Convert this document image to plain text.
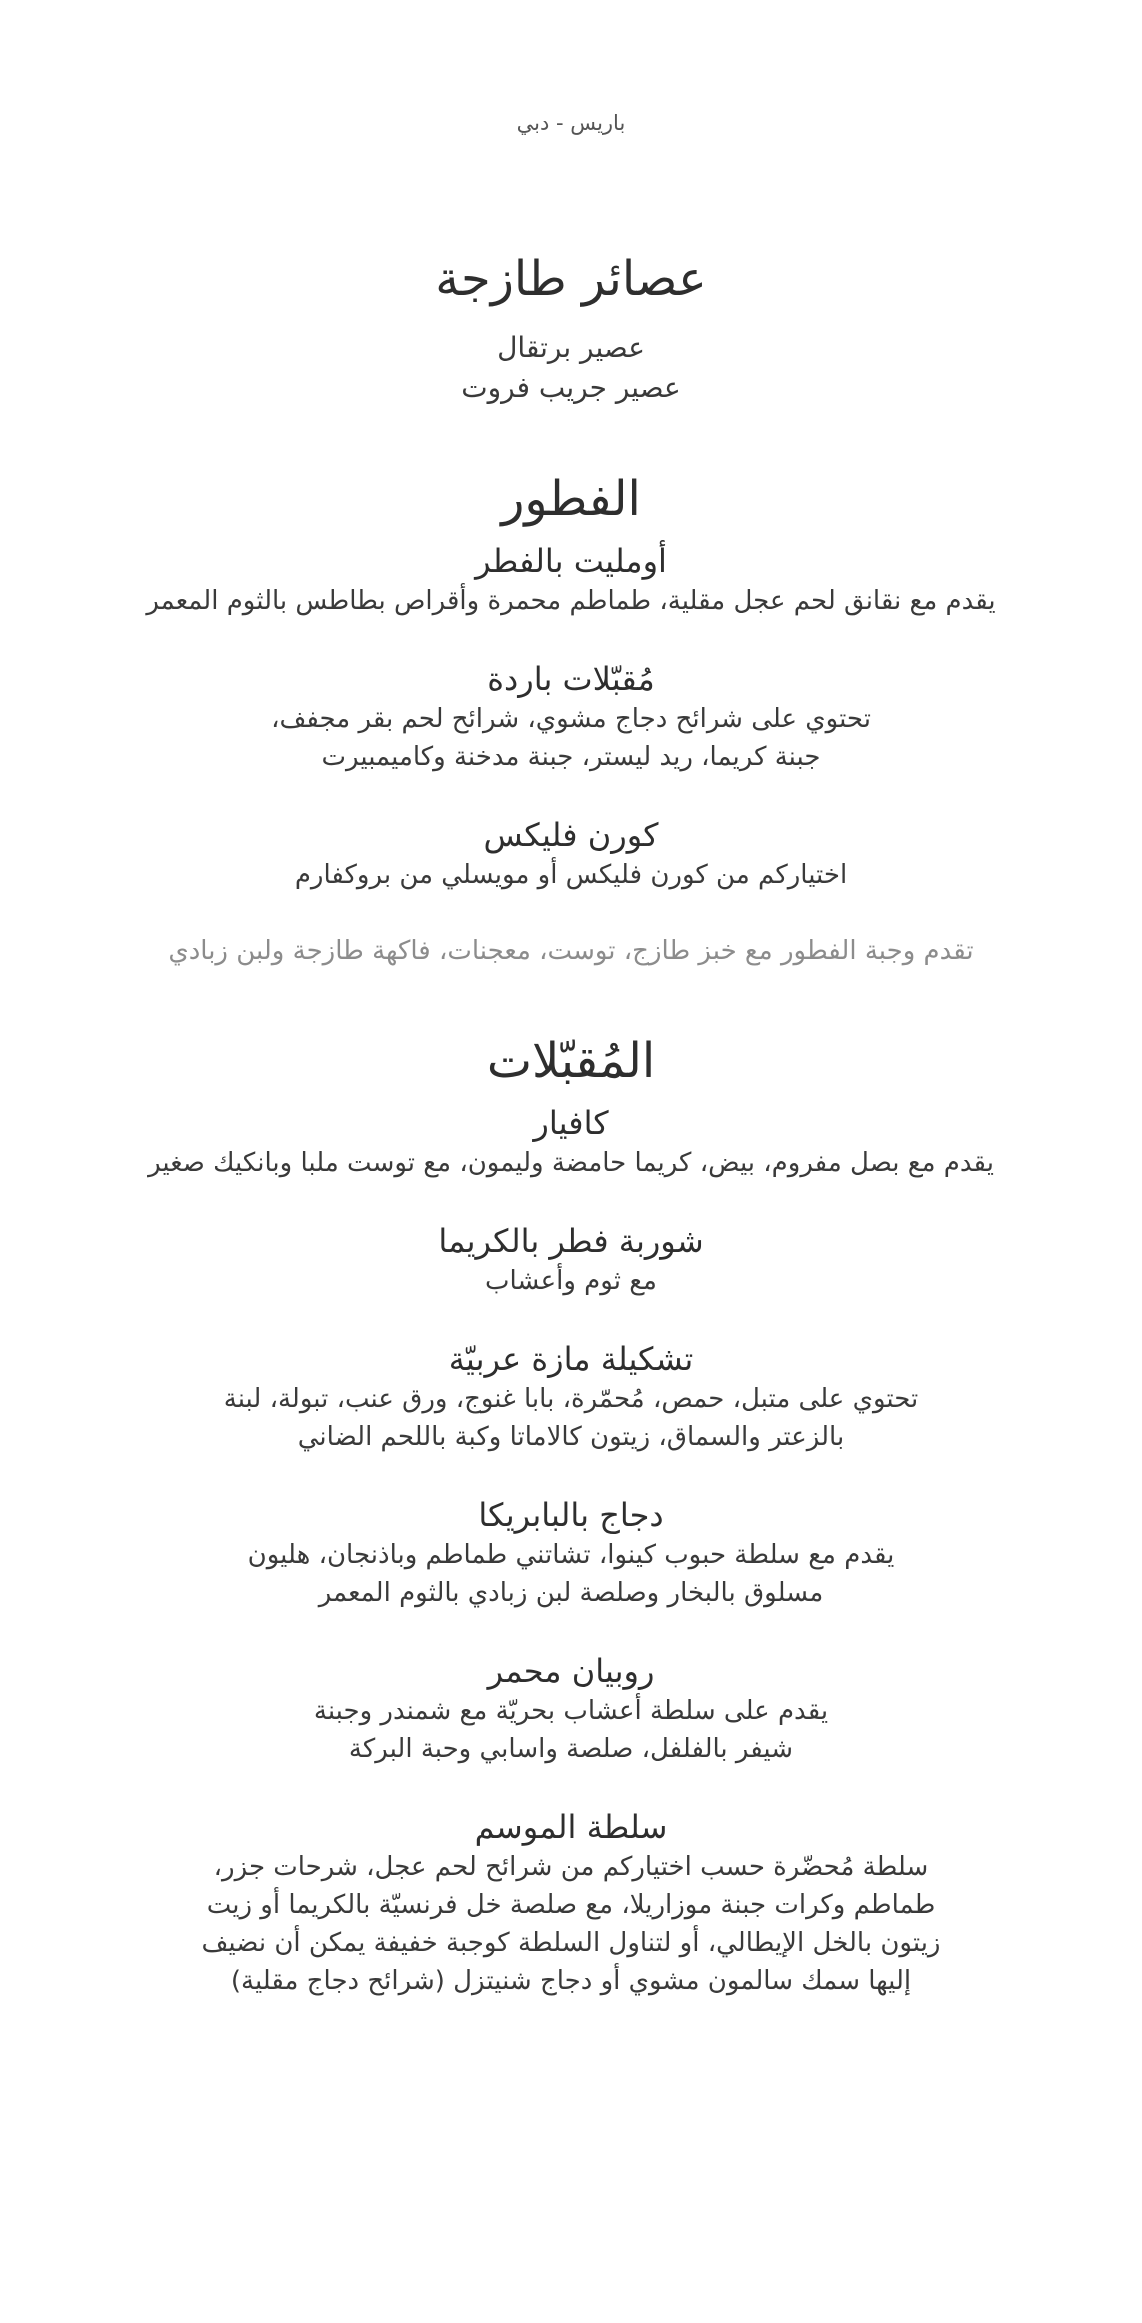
باريس - دبي

عصائر طازجة
عصير برتقال
عصير جريب فروت
الفطور

أومليت بالفطر

يقدم مع نقانق لحم عجل مقلية، طماطم محمرة وأقراص بطاطس بالثوم المعمر

مُقبّلات باردة

تحتوي على شرائح دجاج مشوي، شرائح لحم بقر مجفف،
جبنة كريما، ريد ليستر، جبنة مدخنة وكاميمبيرت

كورن فليكس

اختياركم من كورن فليكس أو مويسلي من بروكفارم

تقدم وجبة الفطور مع خبز طازج، توست، معجنات، فاكهة طازجة ولبن زبادي

المُقبّلات

كافيار

يقدم مع بصل مفروم، بيض، كريما حامضة وليمون، مع توست ملبا وبانكيك صغير

شوربة فطر بالكريما

مع ثوم وأعشاب

تشكيلة مازة عربيّة

تحتوي على متبل، حمص، مُحمّرة، بابا غنوج، ورق عنب، تبولة، لبنة
بالزعتر والسماق، زيتون كالاماتا وكبة باللحم الضاني

دجاج بالبابريكا

يقدم مع سلطة حبوب كينوا، تشاتني طماطم وباذنجان، هليون
مسلوق بالبخار وصلصة لبن زبادي بالثوم المعمر

روبيان محمر

يقدم على سلطة أعشاب بحريّة مع شمندر وجبنة
شيفر بالفلفل، صلصة واسابي وحبة البركة

سلطة الموسم

سلطة مُحضّرة حسب اختياركم من شرائح لحم عجل، شرحات جزر،
طماطم وكرات جبنة موزاريلا، مع صلصة خل فرنسيّة بالكريما أو زيت
زيتون بالخل الإيطالي، أو لتناول السلطة كوجبة خفيفة يمكن أن نضيف
إليها سمك سالمون مشوي أو دجاج شنيتزل (شرائح دجاج مقلية)
